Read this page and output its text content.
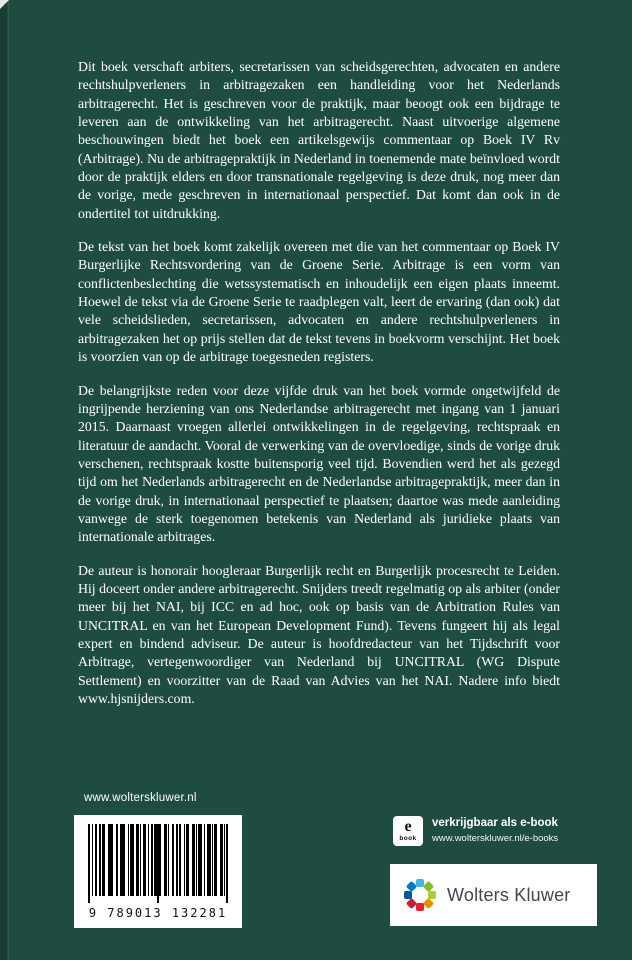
Dit boek verschaft arbiters, secretarissen van scheidsgerechten, advocaten en andere rechtshulpverleners in arbitragezaken een handleiding voor het Nederlands arbitragerecht. Het is geschreven voor de praktijk, maar beoogt ook een bijdrage te leveren aan de ontwikkeling van het arbitragerecht. Naast uitvoerige algemene beschouwingen biedt het boek een artikelsgewijs commentaar op Boek IV Rv (Arbitrage). Nu de arbitragepraktijk in Nederland in toenemende mate beïnvloed wordt door de praktijk elders en door transnationale regelgeving is deze druk, nog meer dan de vorige, mede geschreven in internationaal perspectief. Dat komt dan ook in de ondertitel tot uitdrukking.

De tekst van het boek komt zakelijk overeen met die van het commentaar op Boek IV Burgerlijke Rechtsvordering van de Groene Serie. Arbitrage is een vorm van conflictenbeslechting die wetssystematisch en inhoudelijk een eigen plaats inneemt. Hoewel de tekst via de Groene Serie te raadplegen valt, leert de ervaring (dan ook) dat vele scheidslieden, secretarissen, advocaten en andere rechtshulpverleners in arbitragezaken het op prijs stellen dat de tekst tevens in boekvorm verschijnt. Het boek is voorzien van op de arbitrage toegesneden registers.

De belangrijkste reden voor deze vijfde druk van het boek vormde ongetwijfeld de ingrijpende herziening van ons Nederlandse arbitragerecht met ingang van 1 januari 2015. Daarnaast vroegen allerlei ontwikkelingen in de regelgeving, rechtspraak en literatuur de aandacht. Vooral de verwerking van de overvloedige, sinds de vorige druk verschenen, rechtspraak kostte buitensporig veel tijd. Bovendien werd het als gezegd tijd om het Nederlands arbitragerecht en de Nederlandse arbitragepraktijk, meer dan in de vorige druk, in internationaal perspectief te plaatsen; daartoe was mede aanleiding vanwege de sterk toegenomen betekenis van Nederland als juridieke plaats van internationale arbitrages.

De auteur is honorair hoogleraar Burgerlijk recht en Burgerlijk procesrecht te Leiden. Hij doceert onder andere arbitragerecht. Snijders treedt regelmatig op als arbiter (onder meer bij het NAI, bij ICC en ad hoc, ook op basis van de Arbitration Rules van UNCITRAL en van het European Development Fund). Tevens fungeert hij als legal expert en bindend adviseur. De auteur is hoofdredacteur van het Tijdschrift voor Arbitrage, vertegenwoordiger van Nederland bij UNCITRAL (WG Dispute Settlement) en voorzitter van de Raad van Advies van het NAI. Nadere info biedt www.hjsnijders.com.

www.wolterskluwer.nl
9 789013 132281
e
book
verkrijgbaar als e-book
www.wolterskluwer.nl/e-books
Wolters Kluwer
